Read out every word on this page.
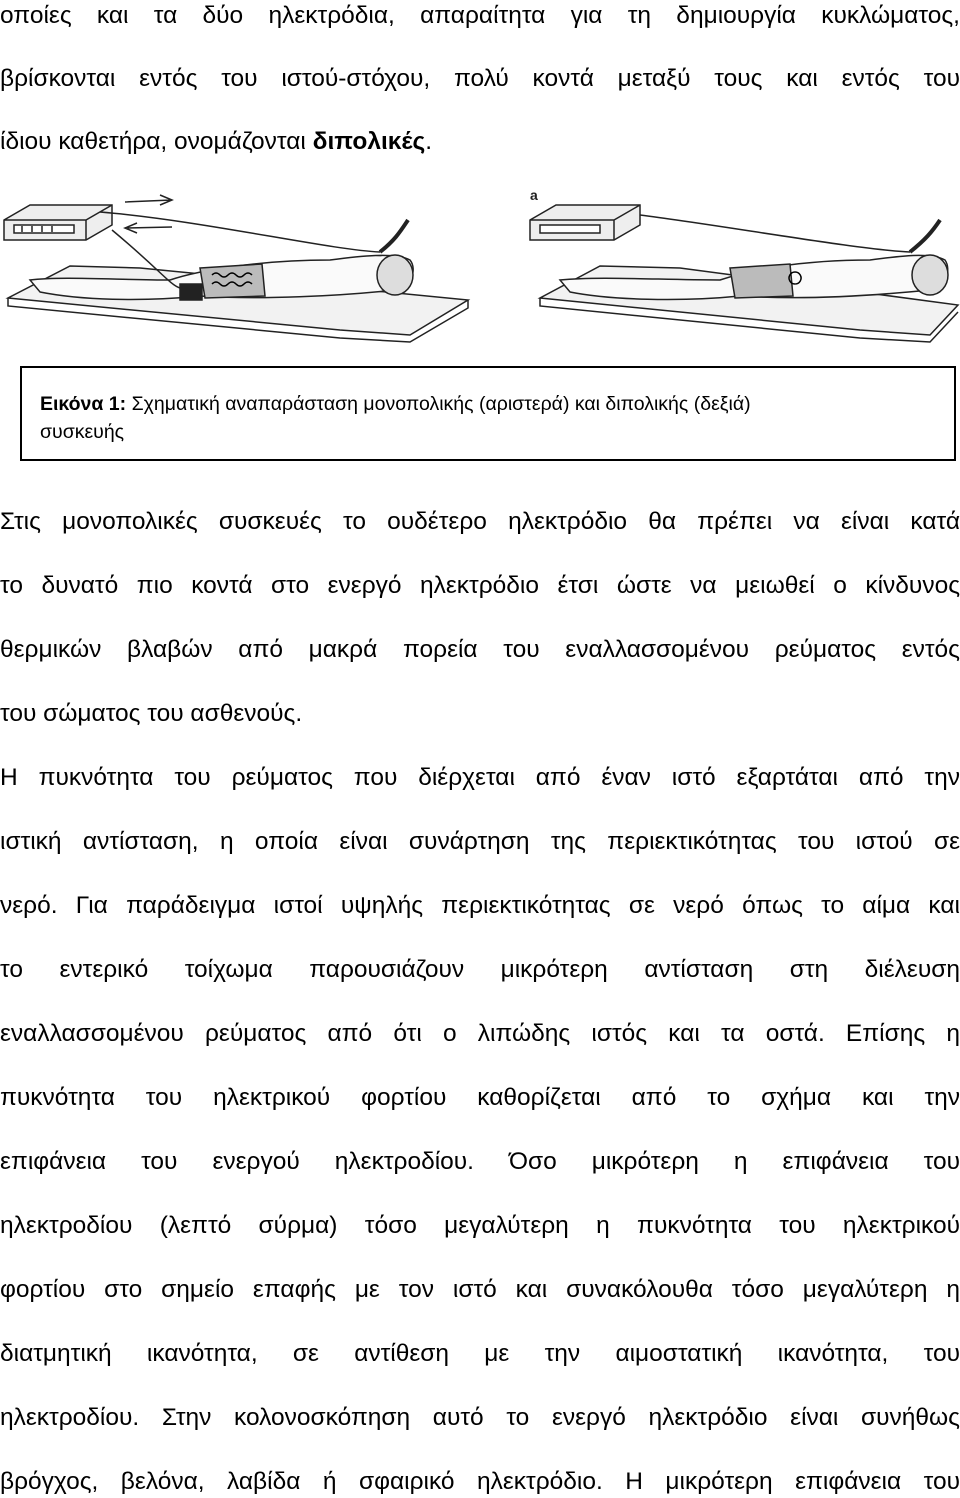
οποίες και τα δύο ηλεκτρόδια, απαραίτητα για τη δημιουργία κυκλώματος,
βρίσκονται εντός του ιστού-στόχου, πολύ κοντά μεταξύ τους και εντός του
ίδιου καθετήρα, ονομάζονται διπολικές.
a
Εικόνα 1: Σχηματική αναπαράσταση μονοπολικής (αριστερά) και διπολικής (δεξιά)
συσκευής
Στις μονοπολικές συσκευές το ουδέτερο ηλεκτρόδιο θα πρέπει να είναι κατά
το δυνατό πιο κοντά στο ενεργό ηλεκτρόδιο έτσι ώστε να μειωθεί ο κίνδυνος
θερμικών βλαβών από μακρά πορεία του εναλλασσομένου ρεύματος εντός
του σώματος του ασθενούς.
Η πυκνότητα του ρεύματος που διέρχεται από έναν ιστό εξαρτάται από την
ιστική αντίσταση, η οποία είναι συνάρτηση της περιεκτικότητας του ιστού σε
νερό. Για παράδειγμα ιστοί υψηλής περιεκτικότητας σε νερό όπως το αίμα και
το εντερικό τοίχωμα παρουσιάζουν μικρότερη αντίσταση στη διέλευση
εναλλασσομένου ρεύματος από ότι ο λιπώδης ιστός και τα οστά. Επίσης η
πυκνότητα του ηλεκτρικού φορτίου καθορίζεται από το σχήμα και την
επιφάνεια του ενεργού ηλεκτροδίου. Όσο μικρότερη η επιφάνεια του
ηλεκτροδίου (λεπτό σύρμα) τόσο μεγαλύτερη η πυκνότητα του ηλεκτρικού
φορτίου στο σημείο επαφής με τον ιστό και συνακόλουθα τόσο μεγαλύτερη η
διατμητική ικανότητα, σε αντίθεση με την αιμοστατική ικανότητα, του
ηλεκτροδίου. Στην κολονοσκόπηση αυτό το ενεργό ηλεκτρόδιο είναι συνήθως
βρόγχος, βελόνα, λαβίδα ή σφαιρικό ηλεκτρόδιο. Η μικρότερη επιφάνεια του
